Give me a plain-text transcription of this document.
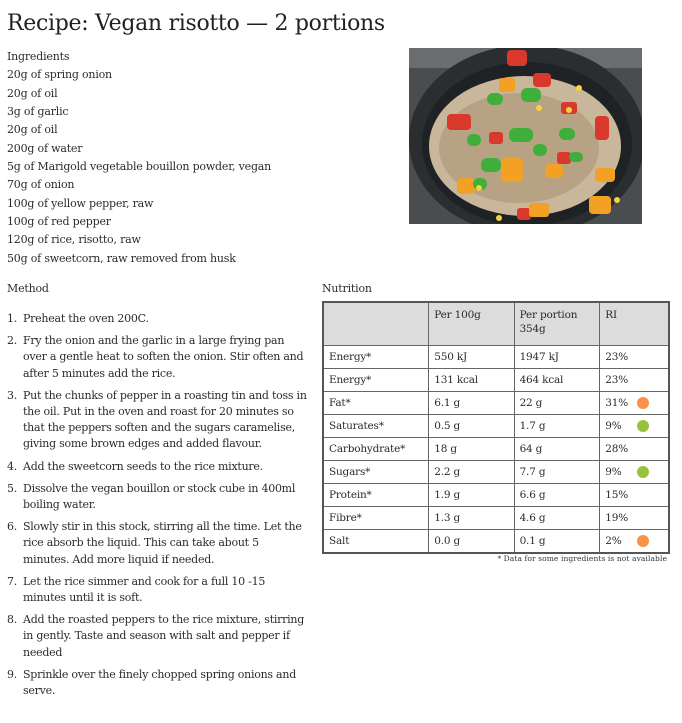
Recipe: Vegan risotto — 2 portions
Ingredients
20g of spring onion
20g of oil
3g of garlic
20g of oil
200g of water
5g of Marigold vegetable bouillon powder, vegan
70g of onion
100g of yellow pepper, raw
100g of red pepper
120g of rice, risotto, raw
50g of sweetcorn, raw removed from husk
Method	Nutrition
1. Preheat the oven 200C.
2. Fry the onion and the garlic in a large frying pan over a gentle heat to soften the onion. Stir often and after 5 minutes add the rice.
3. Put the chunks of pepper in a roasting tin and toss in the oil. Put in the oven and roast for 20 minutes so that the peppers soften and the sugars caramelise, giving some brown edges and added flavour.
4. Add the sweetcorn seeds to the rice mixture.
5. Dissolve the vegan bouillon or stock cube in 400ml boiling water.
6. Slowly stir in this stock, stirring all the time. Let the rice absorb the liquid. This can take about 5 minutes. Add more liquid if needed.
7. Let the rice simmer and cook for a full 10 -15 minutes until it is soft.
8. Add the roasted peppers to the rice mixture, stirring in gently. Taste and season with salt and pepper if needed
9. Sprinkle over the finely chopped spring onions and serve.
	Per 100g	Per portion 354g	RI
Energy*	550 kJ	1947 kJ	23%
Energy*	131 kcal	464 kcal	23%
Fat*	6.1 g	22 g	31%

Saturates*	0.5 g	1.7 g	9%

Carbohydrate*	18 g	64 g	28%
Sugars*	2.2 g	7.7 g	9%

Protein*	1.9 g	6.6 g	15%
Fibre*	1.3 g	4.6 g	19%
Salt	0.0 g	0.1 g	2%
* Data for some ingredients is not available
